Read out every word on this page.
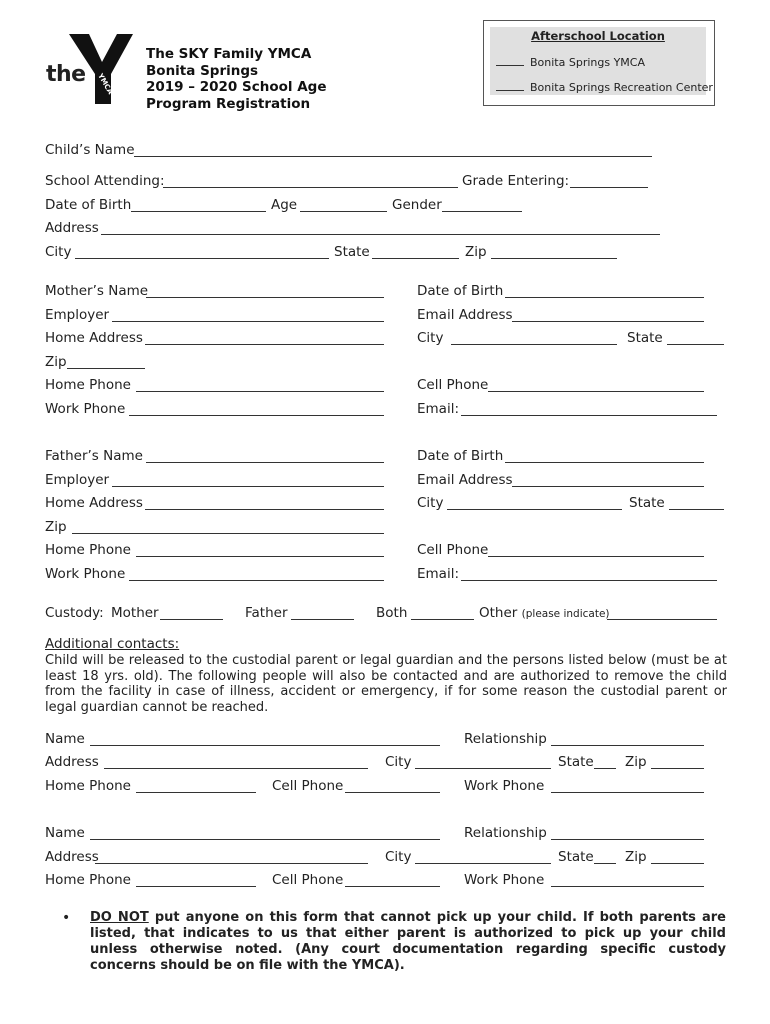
the YMCA
The SKY Family YMCA
Bonita Springs
2019 – 2020 School Age
Program Registration
Afterschool Location
Bonita Springs YMCA
Bonita Springs Recreation Center
Child’s Name
School Attending:	Grade Entering:
Date of Birth	Age	Gender
Address
City	State	Zip
Mother’s Name	Date of Birth
Employer	Email Address
Home Address	City	State
Zip
Home Phone	Cell Phone
Work Phone	Email:
Father’s Name	Date of Birth
Employer	Email Address
Home Address	City	State
Zip
Home Phone	Cell Phone
Work Phone	Email:
Custody: Mother	Father	Both	Other (please indicate)
Additional contacts:
Child will be released to the custodial parent or legal guardian and the persons listed below (must be at least 18 yrs. old). The following people will also be contacted and are authorized to remove the child from the facility in case of illness, accident or emergency, if for some reason the custodial parent or legal guardian cannot be reached.
Name	Relationship
Address	City	State Zip
Home Phone	Cell Phone	Work Phone
Name	Relationship
Address	City	State Zip
Home Phone	Cell Phone	Work Phone
• DO NOT put anyone on this form that cannot pick up your child. If both parents are listed, that indicates to us that either parent is authorized to pick up your child unless otherwise noted. (Any court documentation regarding specific custody concerns should be on file with the YMCA).
